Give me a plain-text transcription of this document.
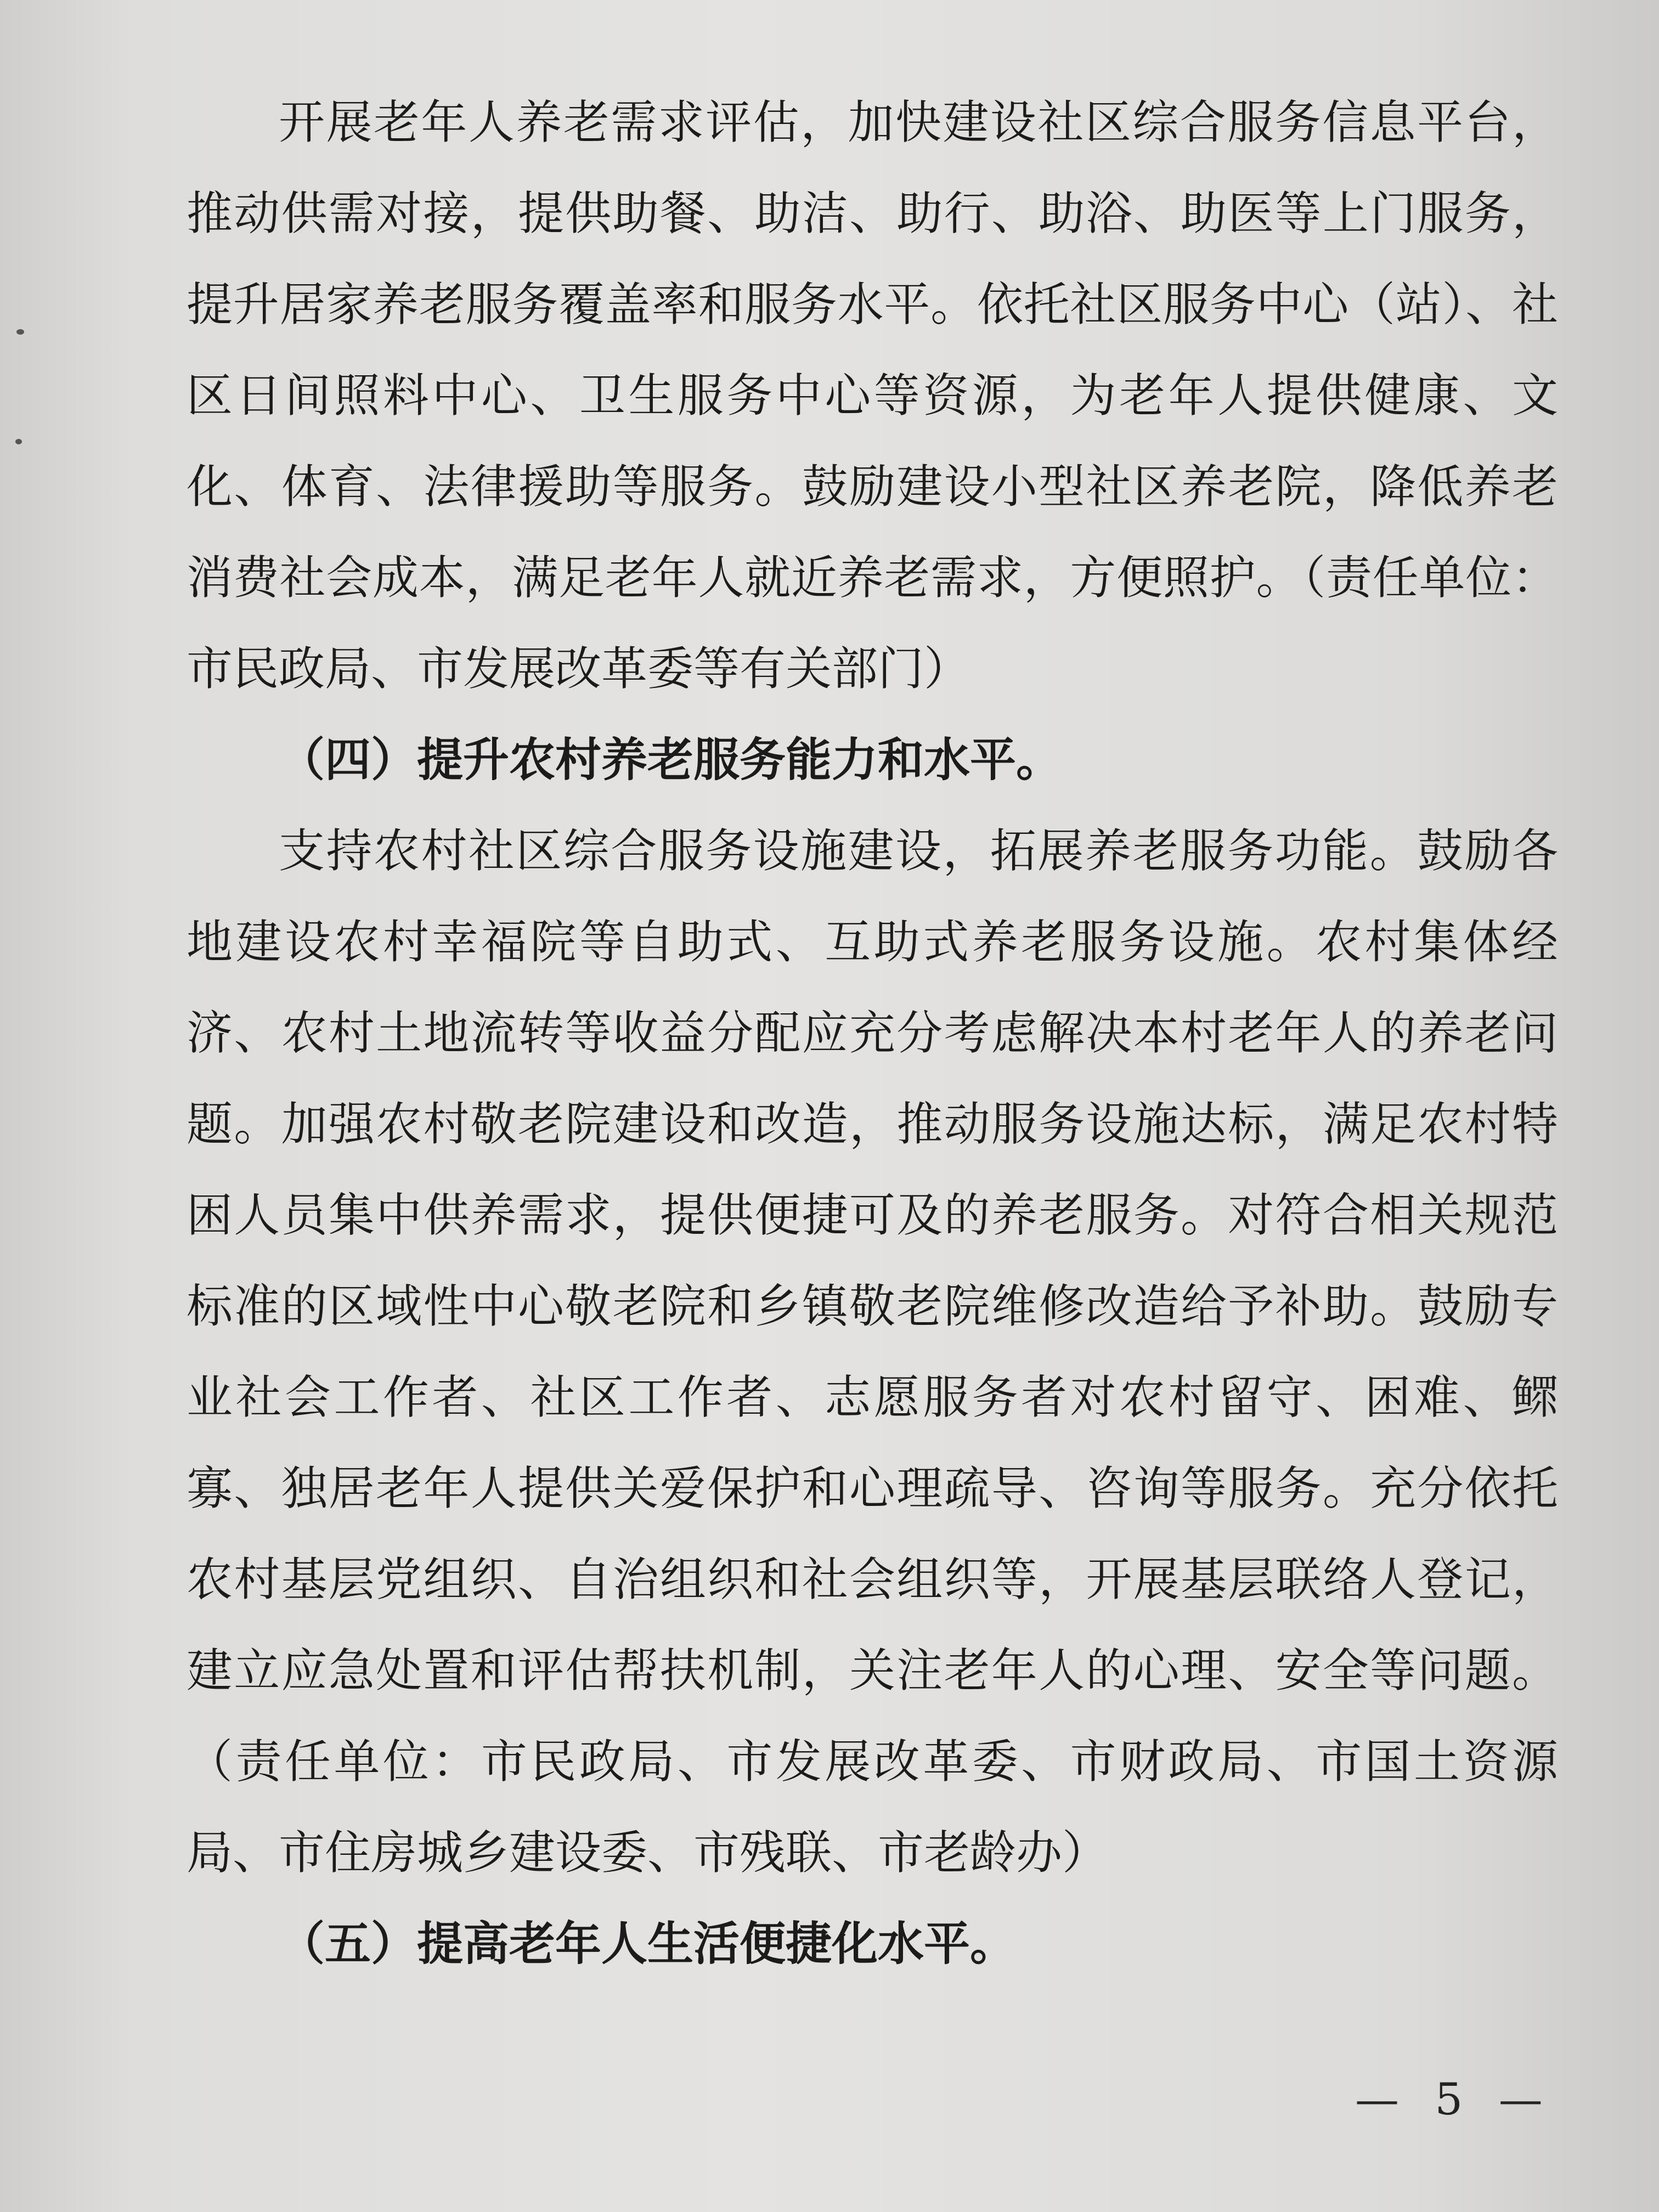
开展老年人养老需求评估，加快建设社区综合服务信息平台，推动供需对接，提供助餐、助洁、助行、助浴、助医等上门服务，提升居家养老服务覆盖率和服务水平。依托社区服务中心（站）、社区日间照料中心、卫生服务中心等资源，为老年人提供健康、文化、体育、法律援助等服务。鼓励建设小型社区养老院，降低养老消费社会成本，满足老年人就近养老需求，方便照护。（责任单位：市民政局、市发展改革委等有关部门）

（四）提升农村养老服务能力和水平。

支持农村社区综合服务设施建设，拓展养老服务功能。鼓励各地建设农村幸福院等自助式、互助式养老服务设施。农村集体经济、农村土地流转等收益分配应充分考虑解决本村老年人的养老问题。加强农村敬老院建设和改造，推动服务设施达标，满足农村特困人员集中供养需求，提供便捷可及的养老服务。对符合相关规范标准的区域性中心敬老院和乡镇敬老院维修改造给予补助。鼓励专业社会工作者、社区工作者、志愿服务者对农村留守、困难、鳏寡、独居老年人提供关爱保护和心理疏导、咨询等服务。充分依托农村基层党组织、自治组织和社会组织等，开展基层联络人登记，建立应急处置和评估帮扶机制，关注老年人的心理、安全等问题。（责任单位：市民政局、市发展改革委、市财政局、市国土资源局、市住房城乡建设委、市残联、市老龄办）

（五）提高老年人生活便捷化水平。

— 5 —
